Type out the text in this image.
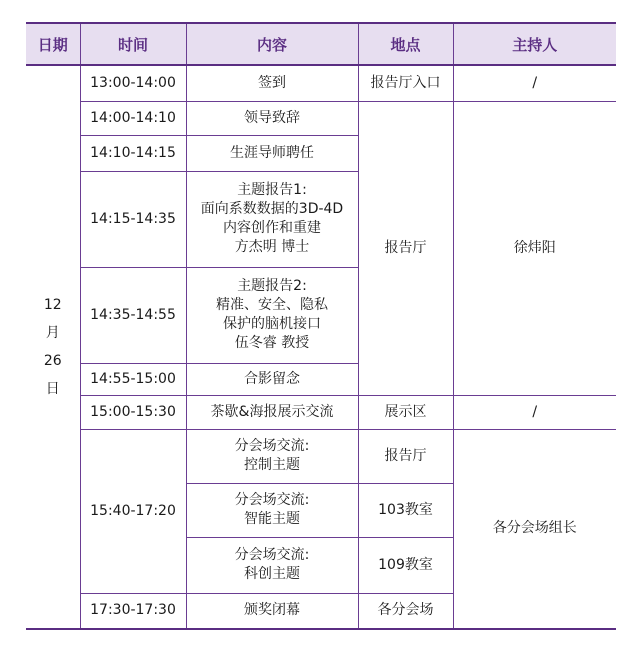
日期	时间	内容	地点	主持人

12
月
26
日	13:00-14:00	签到	报告厅入口	/
	14:00-14:10	领导致辞	报告厅	徐炜阳
	14:10-14:15	生涯导师聘任		

	14:15-14:35	主题报告1:
面向系数数据的3D-4D
内容创作和重建
方杰明 博士		

	14:35-14:55	主题报告2:
精准、安全、隐私
保护的脑机接口
伍冬睿 教授		

	14:55-15:00	合影留念		

	15:00-15:30	茶歇&海报展示交流	展示区	/
	15:40-17:20	分会场交流:
控制主题	报告厅	各分会场组长

		分会场交流:
智能主题	103教室	

		分会场交流:
科创主题	109教室	
	17:30-17:30	颁奖闭幕	各分会场	
